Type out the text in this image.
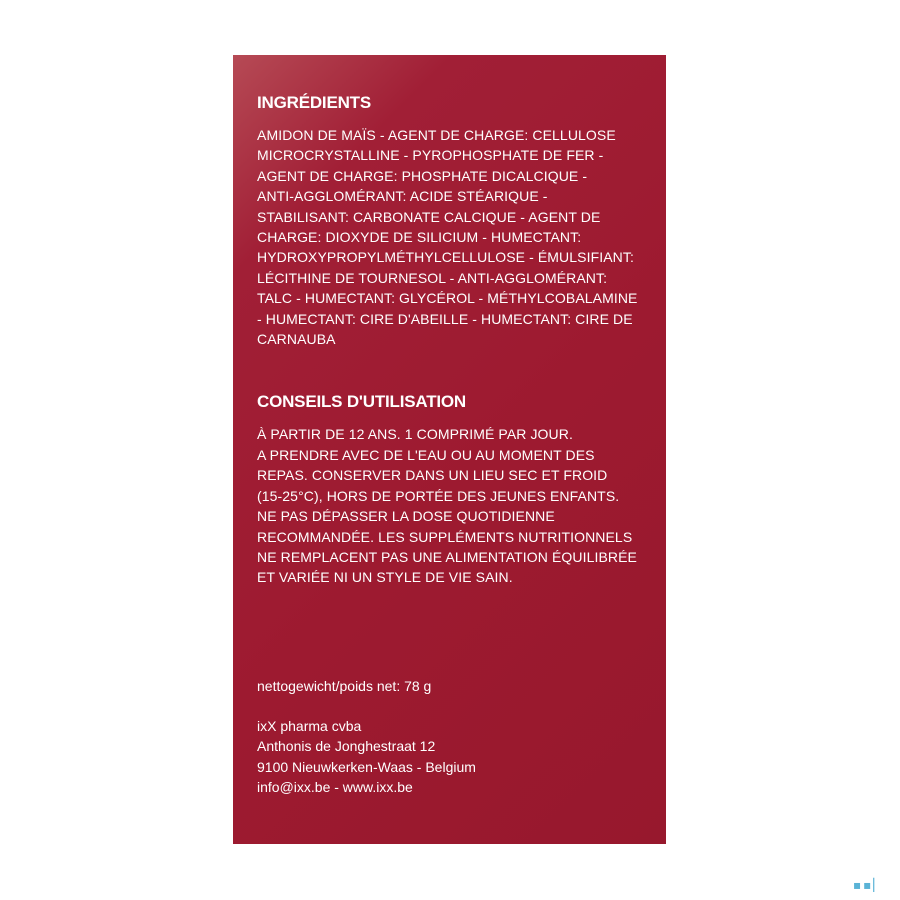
INGRÉDIENTS

AMIDON DE MAÏS - AGENT DE CHARGE: CELLULOSE
MICROCRYSTALLINE - PYROPHOSPHATE DE FER -
AGENT DE CHARGE: PHOSPHATE DICALCIQUE -
ANTI-AGGLOMÉRANT: ACIDE STÉARIQUE -
STABILISANT: CARBONATE CALCIQUE - AGENT DE
CHARGE: DIOXYDE DE SILICIUM - HUMECTANT:
HYDROXYPROPYLMÉTHYLCELLULOSE - ÉMULSIFIANT:
LÉCITHINE DE TOURNESOL - ANTI-AGGLOMÉRANT:
TALC - HUMECTANT: GLYCÉROL - MÉTHYLCOBALAMINE
- HUMECTANT: CIRE D'ABEILLE - HUMECTANT: CIRE DE
CARNAUBA

CONSEILS D'UTILISATION

À PARTIR DE 12 ANS. 1 COMPRIMÉ PAR JOUR.
A PRENDRE AVEC DE L'EAU OU AU MOMENT DES
REPAS. CONSERVER DANS UN LIEU SEC ET FROID
(15-25°C), HORS DE PORTÉE DES JEUNES ENFANTS.
NE PAS DÉPASSER LA DOSE QUOTIDIENNE
RECOMMANDÉE. LES SUPPLÉMENTS NUTRITIONNELS
NE REMPLACENT PAS UNE ALIMENTATION ÉQUILIBRÉE
ET VARIÉE NI UN STYLE DE VIE SAIN.

nettogewicht/poids net: 78 g
ixX pharma cvba
Anthonis de Jonghestraat 12
9100 Nieuwkerken-Waas - Belgium
info@ixx.be - www.ixx.be
▪▪▏
